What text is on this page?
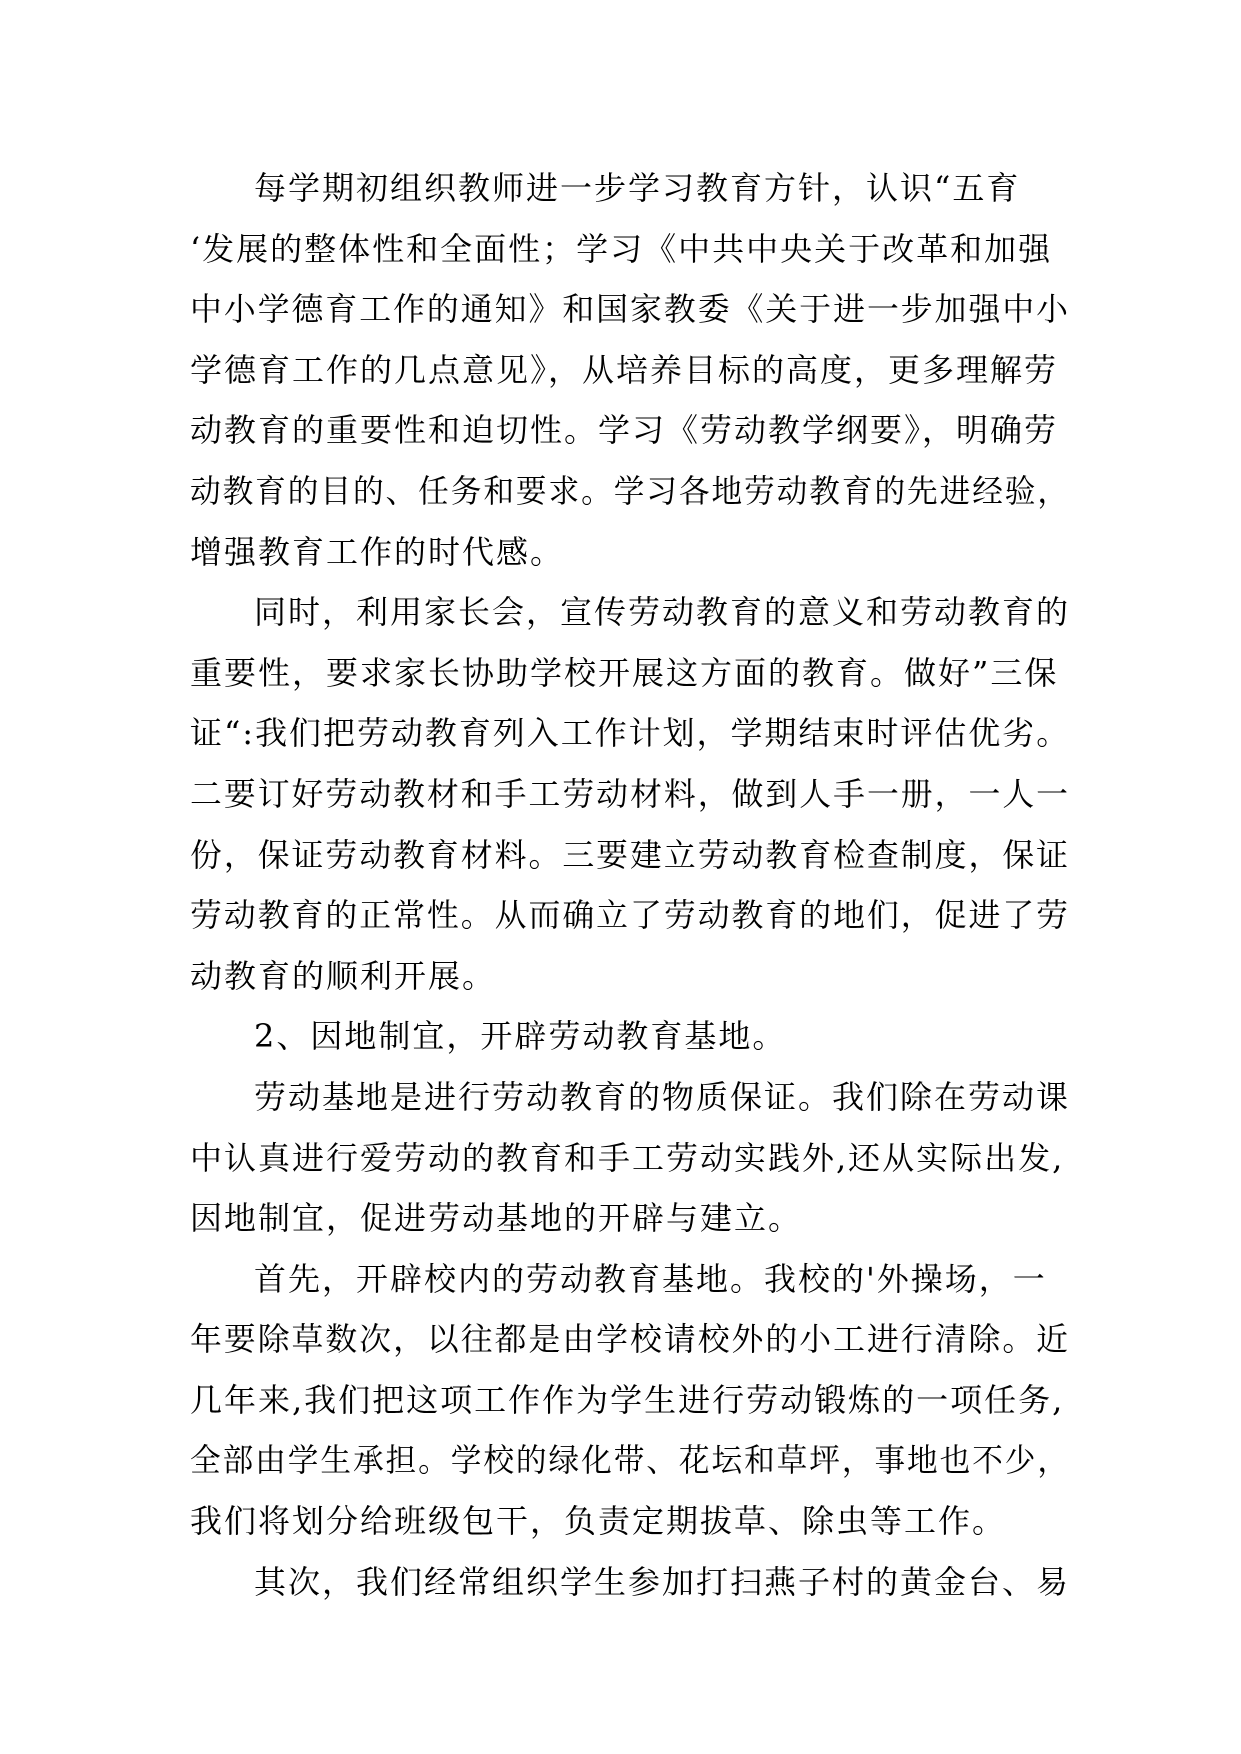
每学期初组织教师进一步学习教育方针，认识“五育
‘发展的整体性和全面性；学习《中共中央关于改革和加强
中小学德育工作的通知》和国家教委《关于进一步加强中小
学德育工作的几点意见》，从培养目标的高度，更多理解劳
动教育的重要性和迫切性。学习《劳动教学纲要》，明确劳
动教育的目的、任务和要求。学习各地劳动教育的先进经验，
增强教育工作的时代感。
同时，利用家长会，宣传劳动教育的意义和劳动教育的
重要性，要求家长协助学校开展这方面的教育。做好”三保
证“:我们把劳动教育列入工作计划，学期结束时评估优劣。
二要订好劳动教材和手工劳动材料，做到人手一册，一人一
份，保证劳动教育材料。三要建立劳动教育检查制度，保证
劳动教育的正常性。从而确立了劳动教育的地们，促进了劳
动教育的顺利开展。
2、因地制宜，开辟劳动教育基地。
劳动基地是进行劳动教育的物质保证。我们除在劳动课
中认真进行爱劳动的教育和手工劳动实践外,还从实际出发,
因地制宜，促进劳动基地的开辟与建立。
首先，开辟校内的劳动教育基地。我校的'外操场，一
年要除草数次，以往都是由学校请校外的小工进行清除。近
几年来,我们把这项工作作为学生进行劳动锻炼的一项任务,
全部由学生承担。学校的绿化带、花坛和草坪，事地也不少，
我们将划分给班级包干，负责定期拔草、除虫等工作。
其次，我们经常组织学生参加打扫燕子村的黄金台、易
